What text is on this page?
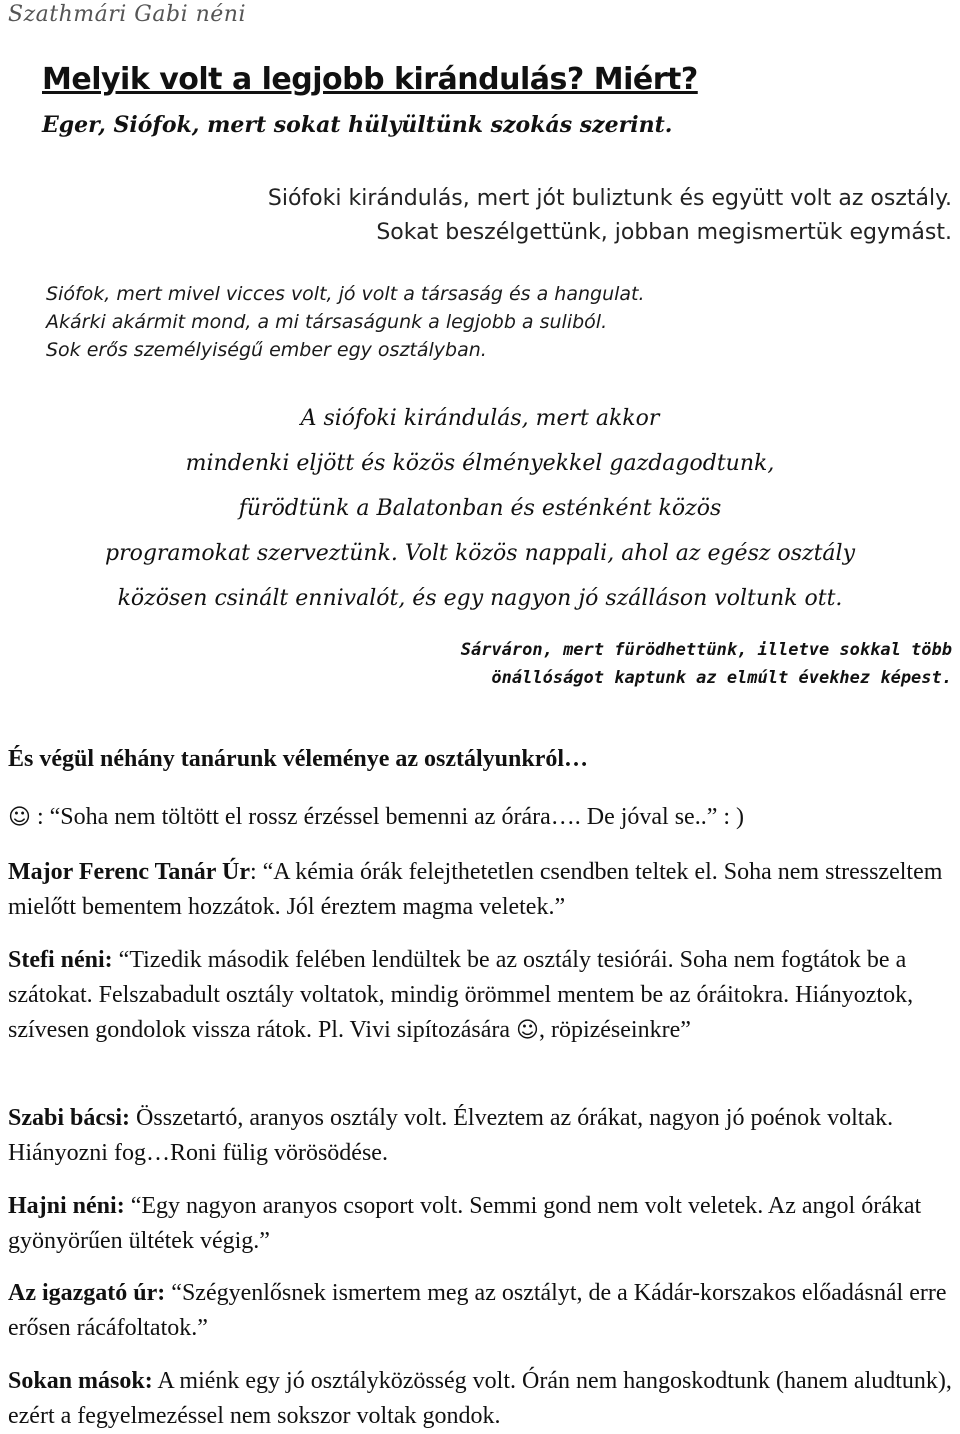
Szathmári Gabi néni
Melyik volt a legjobb kirándulás? Miért?
Eger, Siófok, mert sokat hülyültünk szokás szerint.
Siófoki kirándulás, mert jót buliztunk és együtt volt az osztály.
Sokat beszélgettünk, jobban megismertük egymást.
Siófok, mert mivel vicces volt, jó volt a társaság és a hangulat.
Akárki akármit mond, a mi társaságunk a legjobb a suliból.
Sok erős személyiségű ember egy osztályban.
A siófoki kirándulás, mert akkor
mindenki eljött és közös élményekkel gazdagodtunk,
fürödtünk a Balatonban és esténként közös
programokat szerveztünk. Volt közös nappali, ahol az egész osztály
közösen csinált ennivalót, és egy nagyon jó szálláson voltunk ott.
Sárváron, mert fürödhettünk, illetve sokkal több
önállóságot kaptunk az elmúlt évekhez képest.
És végül néhány tanárunk véleménye az osztályunkról…
☺ : “Soha nem töltött el rossz érzéssel bemenni az órára…. De jóval se..” : )
Major Ferenc Tanár Úr: “A kémia órák felejthetetlen csendben teltek el. Soha nem stresszeltem mielőtt bementem hozzátok. Jól éreztem magma veletek.”
Stefi néni: “Tizedik második felében lendültek be az osztály tesiórái. Soha nem fogtátok be a szátokat. Felszabadult osztály voltatok, mindig örömmel mentem be az óráitokra. Hiányoztok, szívesen gondolok vissza rátok. Pl. Vivi sipítozására ☺, röpizéseinkre”
Szabi bácsi: Összetartó, aranyos osztály volt. Élveztem az órákat, nagyon jó poénok voltak. Hiányozni fog…Roni fülig vörösödése.
Hajni néni: “Egy nagyon aranyos csoport volt. Semmi gond nem volt veletek. Az angol órákat gyönyörűen ültétek végig.”
Az igazgató úr: “Szégyenlősnek ismertem meg az osztályt, de a Kádár-korszakos előadásnál erre erősen rácáfoltatok.”
Sokan mások: A miénk egy jó osztályközösség volt. Órán nem hangoskodtunk (hanem aludtunk), ezért a fegyelmezéssel nem sokszor voltak gondok.
